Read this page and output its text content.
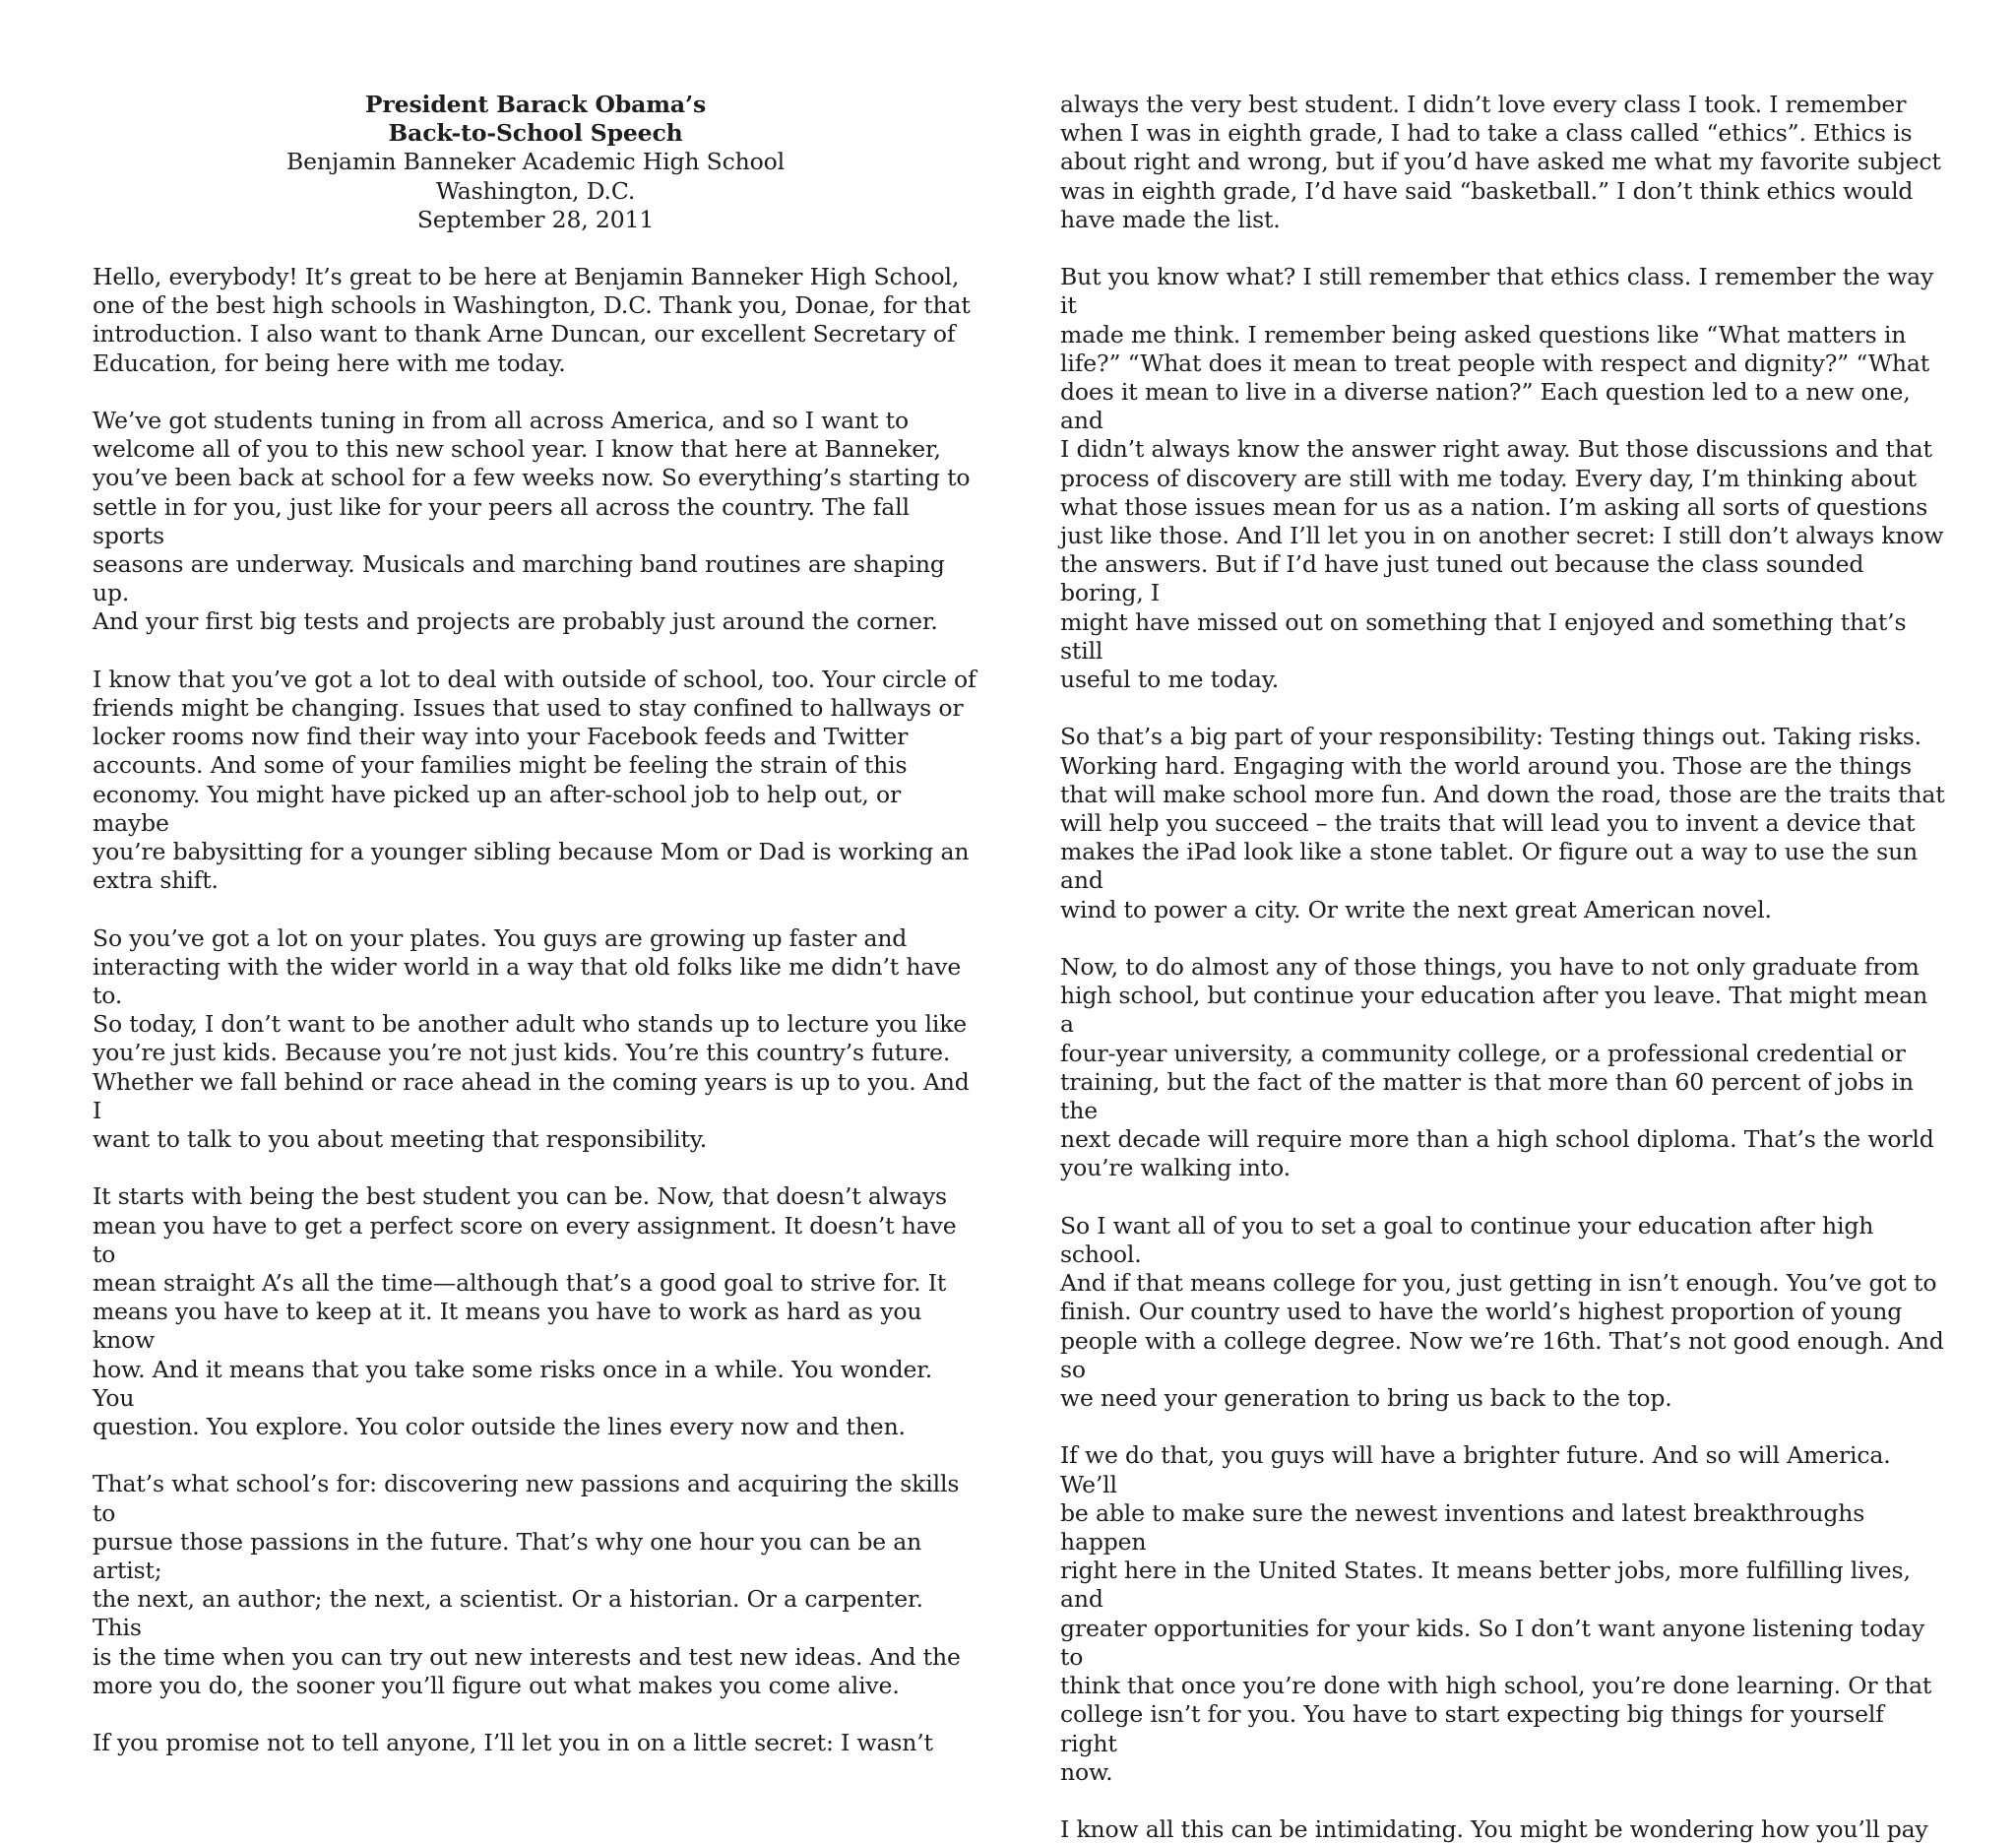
President Barack Obama’s
Back-to-School Speech
Benjamin Banneker Academic High School
Washington, D.C.
September 28, 2011

Hello, everybody! It’s great to be here at Benjamin Banneker High School,
one of the best high schools in Washington, D.C. Thank you, Donae, for that
introduction. I also want to thank Arne Duncan, our excellent Secretary of
Education, for being here with me today.

We’ve got students tuning in from all across America, and so I want to
welcome all of you to this new school year. I know that here at Banneker,
you’ve been back at school for a few weeks now. So everything’s starting to
settle in for you, just like for your peers all across the country. The fall sports
seasons are underway. Musicals and marching band routines are shaping up.
And your first big tests and projects are probably just around the corner.

I know that you’ve got a lot to deal with outside of school, too. Your circle of
friends might be changing. Issues that used to stay confined to hallways or
locker rooms now find their way into your Facebook feeds and Twitter
accounts. And some of your families might be feeling the strain of this
economy. You might have picked up an after-school job to help out, or maybe
you’re babysitting for a younger sibling because Mom or Dad is working an
extra shift.

So you’ve got a lot on your plates. You guys are growing up faster and
interacting with the wider world in a way that old folks like me didn’t have to.
So today, I don’t want to be another adult who stands up to lecture you like
you’re just kids. Because you’re not just kids. You’re this country’s future.
Whether we fall behind or race ahead in the coming years is up to you. And I
want to talk to you about meeting that responsibility.

It starts with being the best student you can be. Now, that doesn’t always
mean you have to get a perfect score on every assignment. It doesn’t have to
mean straight A’s all the time—although that’s a good goal to strive for. It
means you have to keep at it. It means you have to work as hard as you know
how. And it means that you take some risks once in a while. You wonder. You
question. You explore. You color outside the lines every now and then.

That’s what school’s for: discovering new passions and acquiring the skills to
pursue those passions in the future. That’s why one hour you can be an artist;
the next, an author; the next, a scientist. Or a historian. Or a carpenter. This
is the time when you can try out new interests and test new ideas. And the
more you do, the sooner you’ll figure out what makes you come alive.

If you promise not to tell anyone, I’ll let you in on a little secret: I wasn’t

always the very best student. I didn’t love every class I took. I remember
when I was in eighth grade, I had to take a class called “ethics”. Ethics is
about right and wrong, but if you’d have asked me what my favorite subject
was in eighth grade, I’d have said “basketball.” I don’t think ethics would
have made the list.

But you know what? I still remember that ethics class. I remember the way it
made me think. I remember being asked questions like “What matters in
life?” “What does it mean to treat people with respect and dignity?” “What
does it mean to live in a diverse nation?” Each question led to a new one, and
I didn’t always know the answer right away. But those discussions and that
process of discovery are still with me today. Every day, I’m thinking about
what those issues mean for us as a nation. I’m asking all sorts of questions
just like those. And I’ll let you in on another secret: I still don’t always know
the answers. But if I’d have just tuned out because the class sounded boring, I
might have missed out on something that I enjoyed and something that’s still
useful to me today.

So that’s a big part of your responsibility: Testing things out. Taking risks.
Working hard. Engaging with the world around you. Those are the things
that will make school more fun. And down the road, those are the traits that
will help you succeed – the traits that will lead you to invent a device that
makes the iPad look like a stone tablet. Or figure out a way to use the sun and
wind to power a city. Or write the next great American novel.

Now, to do almost any of those things, you have to not only graduate from
high school, but continue your education after you leave. That might mean a
four-year university, a community college, or a professional credential or
training, but the fact of the matter is that more than 60 percent of jobs in the
next decade will require more than a high school diploma. That’s the world
you’re walking into.

So I want all of you to set a goal to continue your education after high school.
And if that means college for you, just getting in isn’t enough. You’ve got to
finish. Our country used to have the world’s highest proportion of young
people with a college degree. Now we’re 16th. That’s not good enough. And so
we need your generation to bring us back to the top.

If we do that, you guys will have a brighter future. And so will America. We’ll
be able to make sure the newest inventions and latest breakthroughs happen
right here in the United States. It means better jobs, more fulfilling lives, and
greater opportunities for your kids. So I don’t want anyone listening today to
think that once you’re done with high school, you’re done learning. Or that
college isn’t for you. You have to start expecting big things for yourself right
now.

I know all this can be intimidating. You might be wondering how you’ll pay
